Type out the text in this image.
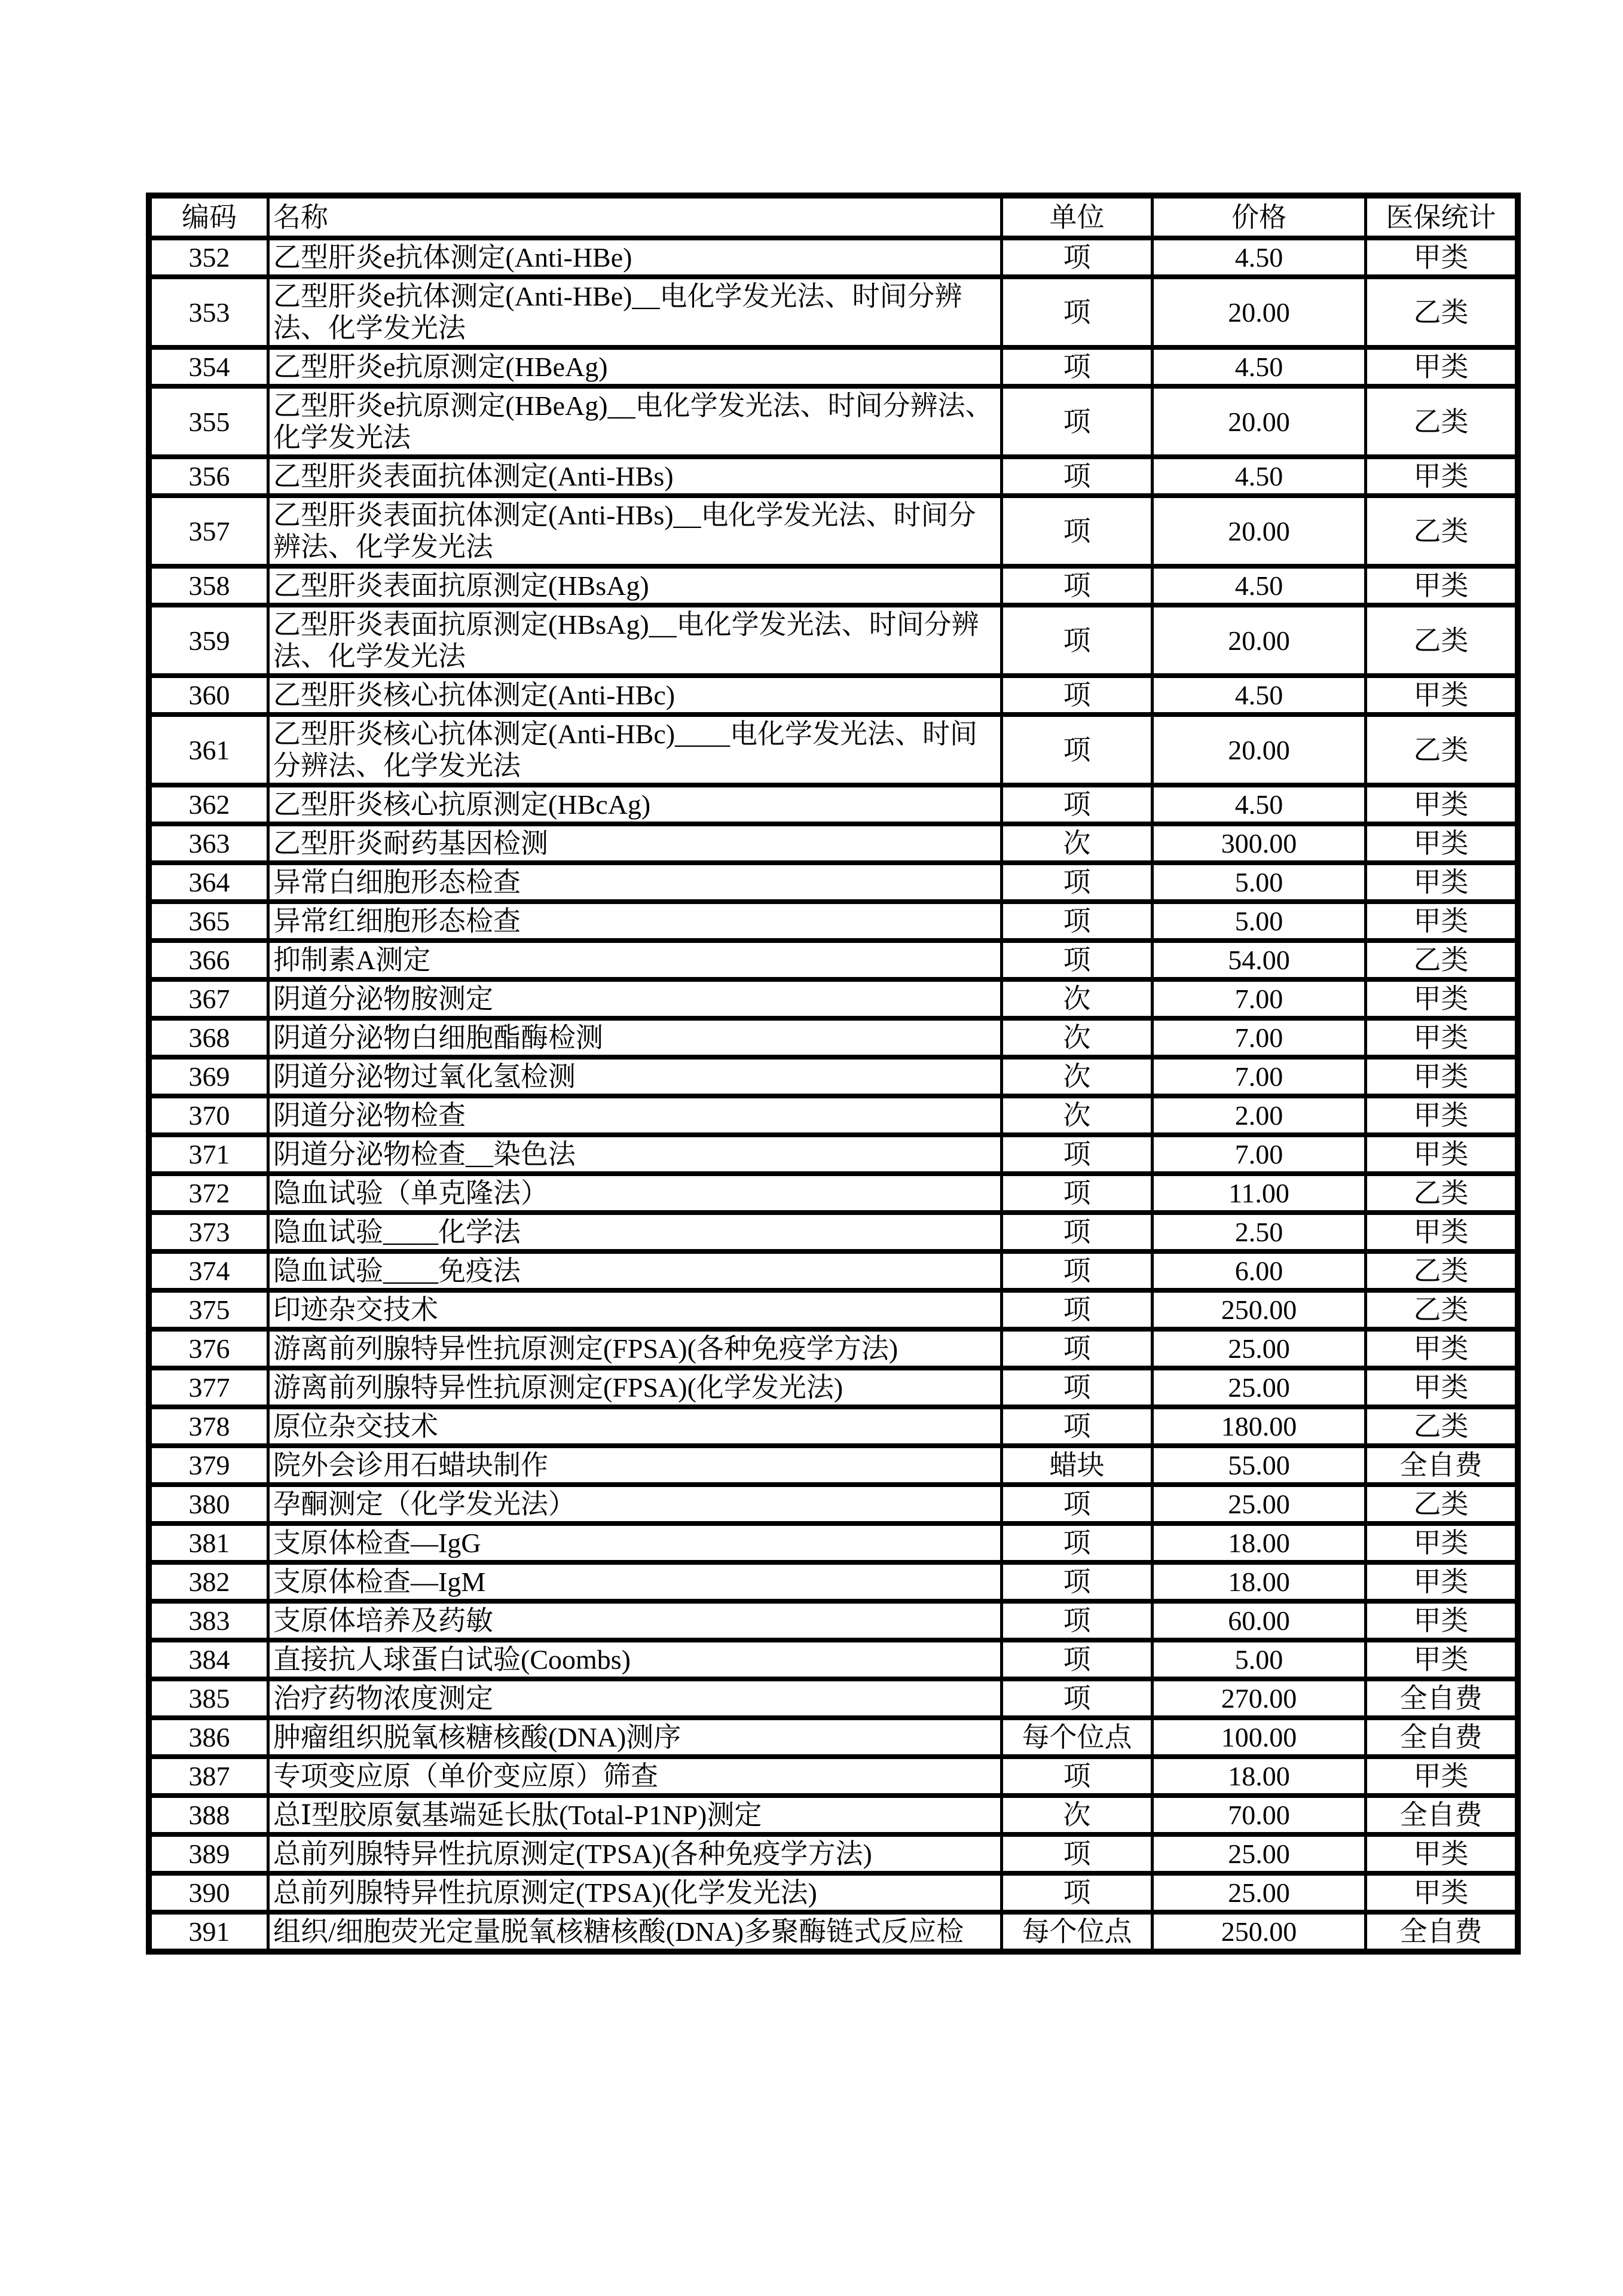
编码	名称	单位	价格	医保统计
352	乙型肝炎e抗体测定(Anti-HBe)	项	4.50	甲类
353	乙型肝炎e抗体测定(Anti-HBe)__电化学发光法、时间分辨法、化学发光法	项	20.00	乙类
354	乙型肝炎e抗原测定(HBeAg)	项	4.50	甲类
355	乙型肝炎e抗原测定(HBeAg)__电化学发光法、时间分辨法、化学发光法	项	20.00	乙类
356	乙型肝炎表面抗体测定(Anti-HBs)	项	4.50	甲类
357	乙型肝炎表面抗体测定(Anti-HBs)__电化学发光法、时间分辨法、化学发光法	项	20.00	乙类
358	乙型肝炎表面抗原测定(HBsAg)	项	4.50	甲类
359	乙型肝炎表面抗原测定(HBsAg)__电化学发光法、时间分辨法、化学发光法	项	20.00	乙类
360	乙型肝炎核心抗体测定(Anti-HBc)	项	4.50	甲类
361	乙型肝炎核心抗体测定(Anti-HBc)____电化学发光法、时间分辨法、化学发光法	项	20.00	乙类
362	乙型肝炎核心抗原测定(HBcAg)	项	4.50	甲类
363	乙型肝炎耐药基因检测	次	300.00	甲类
364	异常白细胞形态检查	项	5.00	甲类
365	异常红细胞形态检查	项	5.00	甲类
366	抑制素A测定	项	54.00	乙类
367	阴道分泌物胺测定	次	7.00	甲类
368	阴道分泌物白细胞酯酶检测	次	7.00	甲类
369	阴道分泌物过氧化氢检测	次	7.00	甲类
370	阴道分泌物检查	次	2.00	甲类
371	阴道分泌物检查__染色法	项	7.00	甲类
372	隐血试验（单克隆法）	项	11.00	乙类
373	隐血试验____化学法	项	2.50	甲类
374	隐血试验____免疫法	项	6.00	乙类
375	印迹杂交技术	项	250.00	乙类
376	游离前列腺特异性抗原测定(FPSA)(各种免疫学方法)	项	25.00	甲类
377	游离前列腺特异性抗原测定(FPSA)(化学发光法)	项	25.00	甲类
378	原位杂交技术	项	180.00	乙类
379	院外会诊用石蜡块制作	蜡块	55.00	全自费
380	孕酮测定（化学发光法）	项	25.00	乙类
381	支原体检查—IgG	项	18.00	甲类
382	支原体检查—IgM	项	18.00	甲类
383	支原体培养及药敏	项	60.00	甲类
384	直接抗人球蛋白试验(Coombs)	项	5.00	甲类
385	治疗药物浓度测定	项	270.00	全自费
386	肿瘤组织脱氧核糖核酸(DNA)测序	每个位点	100.00	全自费
387	专项变应原（单价变应原）筛查	项	18.00	甲类
388	总Ⅰ型胶原氨基端延长肽(Total-P1NP)测定	次	70.00	全自费
389	总前列腺特异性抗原测定(TPSA)(各种免疫学方法)	项	25.00	甲类
390	总前列腺特异性抗原测定(TPSA)(化学发光法)	项	25.00	甲类
391	组织/细胞荧光定量脱氧核糖核酸(DNA)多聚酶链式反应检	每个位点	250.00	全自费
